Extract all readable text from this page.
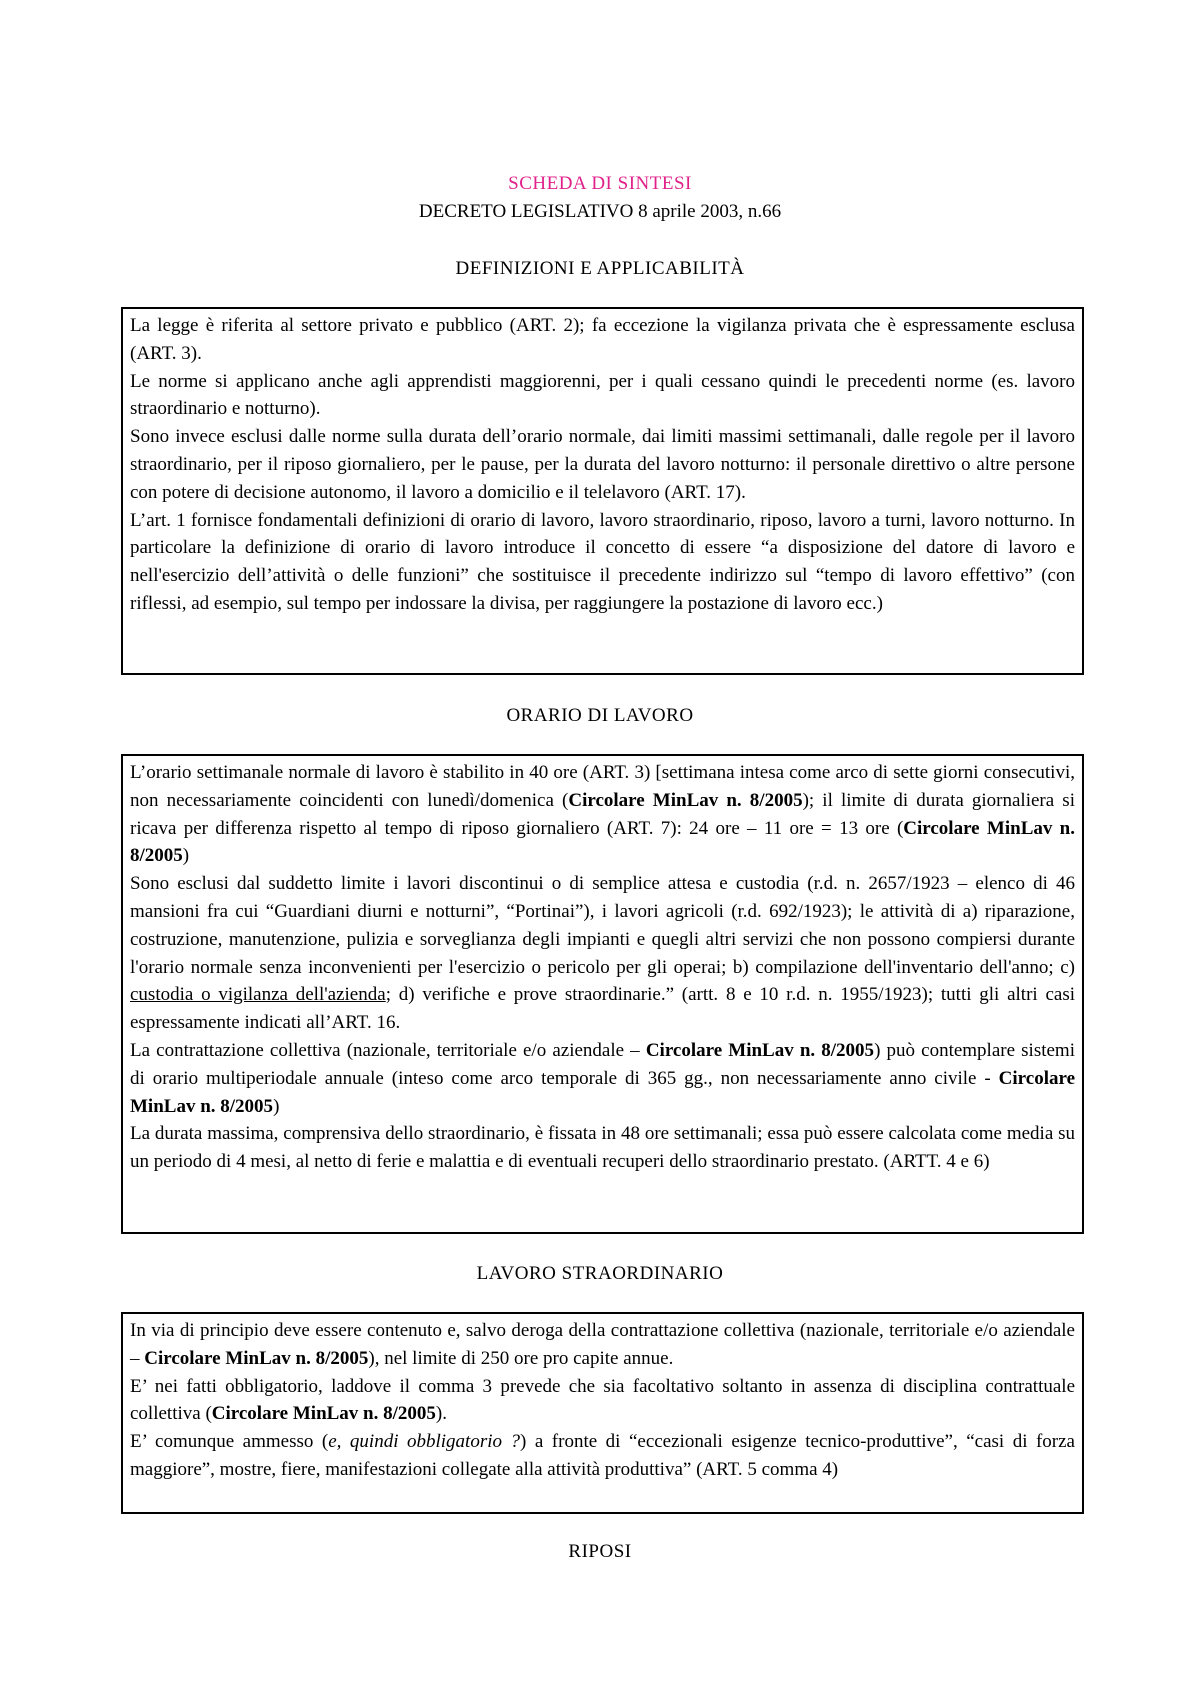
SCHEDA DI SINTESI
DECRETO LEGISLATIVO 8 aprile 2003, n.66
DEFINIZIONI E APPLICABILITÀ

La legge è riferita al settore privato e pubblico (ART. 2); fa eccezione la vigilanza privata che è espressamente esclusa (ART. 3).

Le norme si applicano anche agli apprendisti maggiorenni, per i quali cessano quindi le precedenti norme (es. lavoro straordinario e notturno).

Sono invece esclusi dalle norme sulla durata dell’orario normale, dai limiti massimi settimanali, dalle regole per il lavoro straordinario, per il riposo giornaliero, per le pause, per la durata del lavoro notturno: il personale direttivo o altre persone con potere di decisione autonomo, il lavoro a domicilio e il telelavoro (ART. 17).

L’art. 1 fornisce fondamentali definizioni di orario di lavoro, lavoro straordinario, riposo, lavoro a turni, lavoro notturno. In particolare la definizione di orario di lavoro introduce il concetto di essere “a disposizione del datore di lavoro e nell'esercizio dell’attività o delle funzioni” che sostituisce il precedente indirizzo sul “tempo di lavoro effettivo” (con riflessi, ad esempio, sul tempo per indossare la divisa, per raggiungere la postazione di lavoro ecc.)

ORARIO DI LAVORO

L’orario settimanale normale di lavoro è stabilito in 40 ore (ART. 3) [settimana intesa come arco di sette giorni consecutivi, non necessariamente coincidenti con lunedì/domenica (Circolare MinLav n. 8/2005); il limite di durata giornaliera si ricava per differenza rispetto al tempo di riposo giornaliero (ART. 7): 24 ore – 11 ore = 13 ore (Circolare MinLav n. 8/2005)

Sono esclusi dal suddetto limite i lavori discontinui o di semplice attesa e custodia (r.d. n. 2657/1923 – elenco di 46 mansioni fra cui “Guardiani diurni e notturni”, “Portinai”), i lavori agricoli (r.d. 692/1923); le attività di a) riparazione, costruzione, manutenzione, pulizia e sorveglianza degli impianti e quegli altri servizi che non possono compiersi durante l'orario normale senza inconvenienti per l'esercizio o pericolo per gli operai; b) compilazione dell'inventario dell'anno; c) custodia o vigilanza dell'azienda; d) verifiche e prove straordinarie.” (artt. 8 e 10 r.d. n. 1955/1923); tutti gli altri casi espressamente indicati all’ART. 16.

La contrattazione collettiva (nazionale, territoriale e/o aziendale – Circolare MinLav n. 8/2005) può contemplare sistemi di orario multiperiodale annuale (inteso come arco temporale di 365 gg., non necessariamente anno civile - Circolare MinLav n. 8/2005)

La durata massima, comprensiva dello straordinario, è fissata in 48 ore settimanali; essa può essere calcolata come media su un periodo di 4 mesi, al netto di ferie e malattia e di eventuali recuperi dello straordinario prestato. (ARTT. 4 e 6)

LAVORO STRAORDINARIO

In via di principio deve essere contenuto e, salvo deroga della contrattazione collettiva (nazionale, territoriale e/o aziendale – Circolare MinLav n. 8/2005), nel limite di 250 ore pro capite annue.

E’ nei fatti obbligatorio, laddove il comma 3 prevede che sia facoltativo soltanto in assenza di disciplina contrattuale collettiva (Circolare MinLav n. 8/2005).

E’ comunque ammesso (e, quindi obbligatorio ?) a fronte di “eccezionali esigenze tecnico-produttive”, “casi di forza maggiore”, mostre, fiere, manifestazioni collegate alla attività produttiva” (ART. 5 comma 4)

RIPOSI
